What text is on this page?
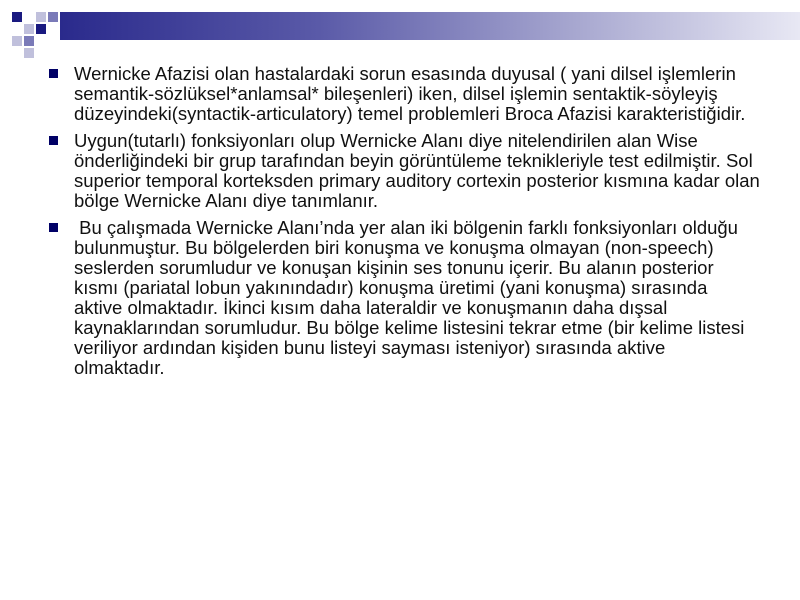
Wernicke Afazisi olan hastalardaki sorun esasında duyusal ( yani dilsel işlemlerin semantik-sözlüksel*anlamsal* bileşenleri) iken, dilsel işlemin sentaktik-söyleyiş düzeyindeki(syntactik-articulatory) temel problemleri Broca Afazisi karakteristiğidir.
Uygun(tutarlı) fonksiyonları olup Wernicke Alanı diye nitelendirilen alan Wise önderliğindeki bir grup tarafından beyin görüntüleme teknikleriyle test edilmiştir. Sol superior temporal korteksden primary auditory cortexin posterior kısmına kadar olan bölge Wernicke Alanı diye tanımlanır.
Bu çalışmada Wernicke Alanı’nda yer alan iki bölgenin farklı fonksiyonları olduğu bulunmuştur. Bu bölgelerden biri konuşma ve konuşma olmayan (non-speech) seslerden sorumludur ve konuşan kişinin ses tonunu içerir. Bu alanın posterior kısmı (pariatal lobun yakınındadır) konuşma üretimi (yani konuşma) sırasında aktive olmaktadır. İkinci kısım daha lateraldir ve konuşmanın daha dışsal kaynaklarından sorumludur. Bu bölge kelime listesini tekrar etme (bir kelime listesi veriliyor ardından kişiden bunu listeyi sayması isteniyor) sırasında aktive olmaktadır.
